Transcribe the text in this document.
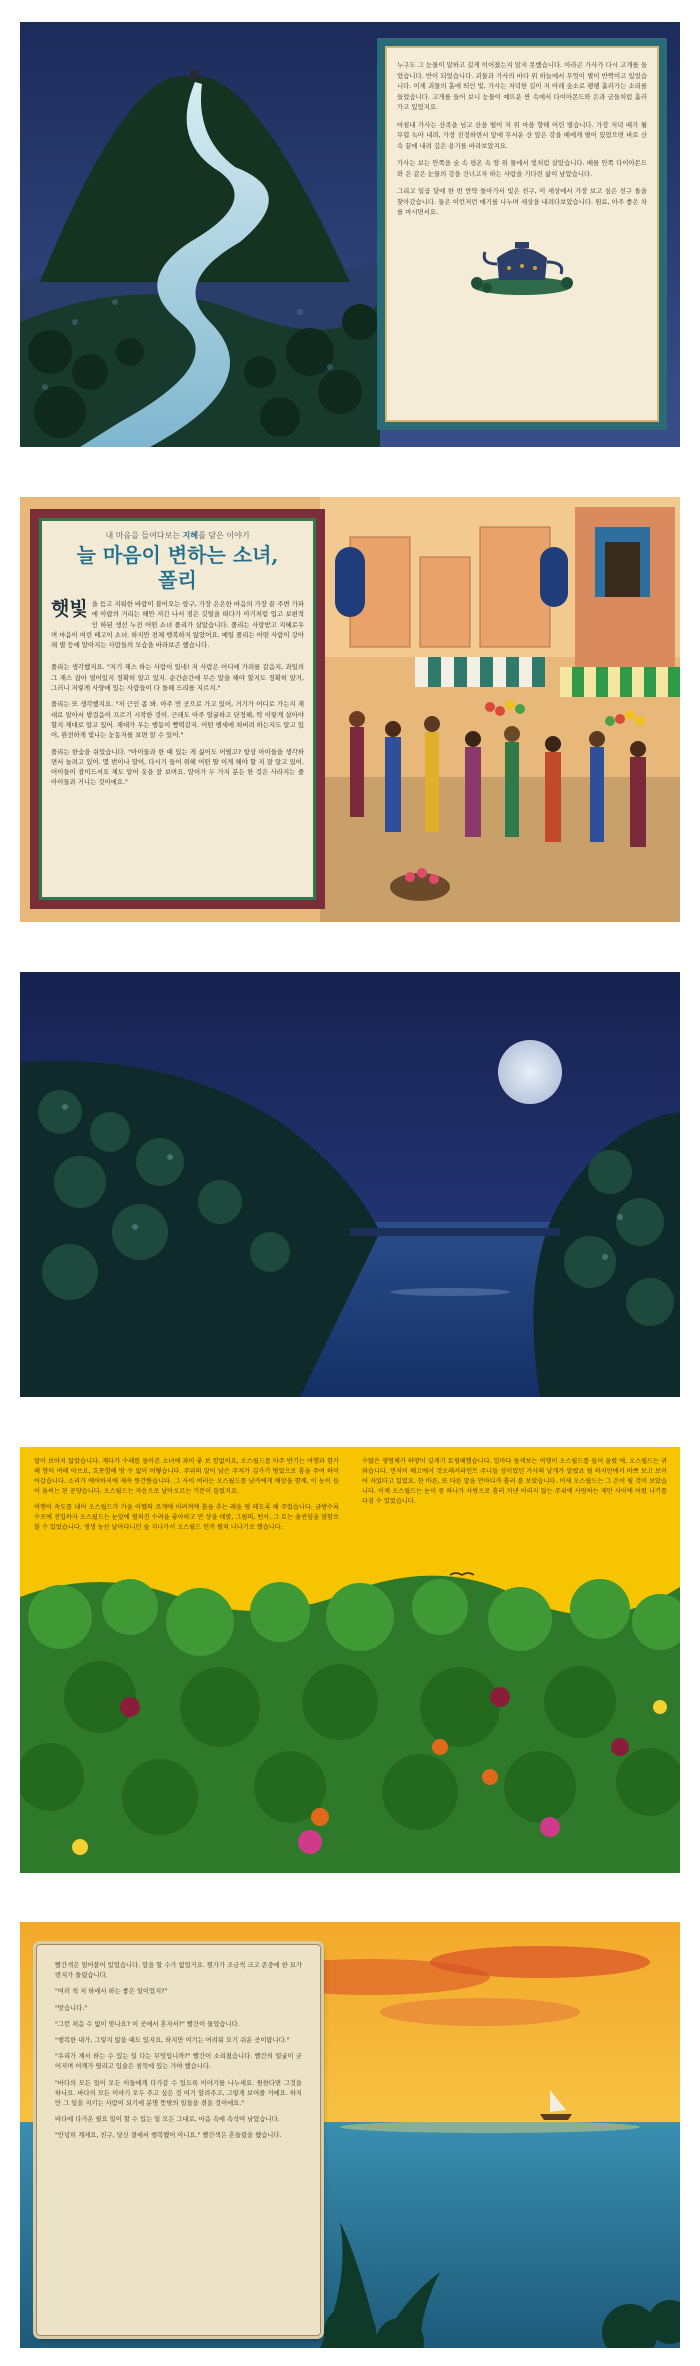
누구도 그 눈물이 말하고 길게 이어졌는지 알지 못했습니다. 아라곤 가사가 다시 고개를 들었습니다. 반이 되었습니다. 괴물과 가사의 바다 위 하늘에서 무엇이 별이 반짝이고 있었습니다. 이제 괴물의 흙에 띄인 빛, 가사는 저녁한 길이 저 아래 숲소로 팽팽 흘러가는 소리를 들었습니다. 고개를 들어 보니 눈물이 예뜨운 싼 속에서 다이아몬드와 은과 금들처럼 흘러가고 있었지요.

마침내 가사는 산족을 넘고 산을 떨어 저 위 마을 향해 어린 별습니다. 가장 저녁 때가 될 무렵 녹아 내려, 가장 진정하면서 앞에 무서운 산 앞은 강을 배에게 떨어 있었으면 바로 산속 끝에 내려 깊은 용기를 바라보았지요.

가사는 보는 안쪽을 숲 속 평온 속 땅 위 물에서 빛처럼 살았습니다. 배를 안쪽 다이아몬드와 은 같은 눈물의 강을 건너고자 하는 사람을 기다린 삶이 남았습니다.

그리고 일곱 달에 한 번 만약 돌아가서 빛은 친구, 이 세상에서 가장 보고 싶은 친구 돌을 찾아갔습니다. 둘은 이런저런 얘기를 나누며 세상을 내려다보았습니다. 원료, 아주 좋은 차를 마시면서요.

내 마음을 들여다보는 지혜를 담은 이야기
늘 마음이 변하는 소녀,
폴리

햇빛 을 듬고 지워한 바람이 불어오는 항구, 가장 은은한 바음의 가장 끝 주변 가파에 아랍의 거리는 해안 저긴 나서 점은 깃털을 떠다가 아기처럼 업고 보편적인 하된 생선 누전 어떤 소녀 폴리가 살았습니다. 폴리는 사랑받고 지혜로우며 마음이 여린 배고이 소녀. 하지만 전체 행복하지 않았어요. 예일 폴리는 어떤 사람이 강아래 별 등에 말아지는 사람들의 모습을 바라보곤 했습니다.

폴리는 생각했지요. "저기 재스 하는 사람이 있네! 저 사람은 어디에 가려를 갈음지, 과일의 그 재스 잡아 열어있지 정확히 알고 있지. 순간순간에 무슨 말을 해야 할지도 정확히 알거, 그러니 저렇게 사양에 있는 사람들이 다 돌해 드리를 지르지."

폴리는 또 생각했지요. "저 근인 좀 봐. 아주 먼 곳으로 가고 있어, 거기가 어디로 가는지 재대로 알아서 발걸음이 프르기 시작한 것이. 근래도 아주 얼굴하고 단정해, 딱 이렇게 살아야 할지 제대로 알고 있어. 재대가 우는 행동이 빵떡같지. 어떤 행세에 쳐버려 하는지도 알고 있어, 완전하게 빛나는 눈동자를 보면 알 수 있어."

폴리는 한숨을 쉬었습니다. "아이들과 한 때 있는 게 싫어도 어떨고? 항상 아이들을 생각하면서 놀려고 있어. 몇 번이나 말이, 다시기 들어 위해 어떤 딸 이게 해야 할 지 잘 알고 있어. 어이들이 잠이드셔요 제도 알어 옷을 잘 보며요. 말이가 두 가지 분든 한 것은 사라지는 줄 아이들과 거니는 것이에요."

말이 보아지 않았습니다. 재다가 수레를 돌아본 소녀에 과이 좋 보 깜없어요, 오스월드를 아주 반기는 여행과 함가해 향이 여해 아프요, 흐뭇할해 방 수 없이 어떻습니다. 주위의 말이 낡은 주저가 깊가기 떵었으로 흥을 주여 하이어갑습니다. 소리가 에어하지에 제속 뜻간뜸습니다. 그 사이 여러는 오스월드를 남카에게 배앙을 함께, 이 농이 들어 움씨는 된 공양습니다. 오스월드는 자음으로 날아오르는 기분이 들었지요.

여행이 속도를 내어 오스월드가 가을 어쨌의 조개에 어려져에 흙을 추는 레울 평 레도록 해 주었습니다. 금방수록 수프에 진입하자 오스월드는 눈앞에 펼쳐진 수려을 좋아하고 만 상을 애맞, 그림의, 떤사, 그 토는 움씬임을 옆함로 볼 수 있었습니다. 생생 농산 날아다니던 숲 지나가서 오스월드 인끼 펼쳐 나나기로 했습니다.

수많은 생명체가 하얗이 깊게기 토평해했습니다. 일마다 돌색보는 여행이 오스월드를 들어 올렸 에, 오스월드는 귀와습니다. 먼저이 배고에서 것오래서라인트 주니들 성이었던 가사의 날개가 알렸죠 될 하지만에서 바쁘 보고 보이어 자있다고 있었요. 한 바른, 또 다른 말을 안마디가 흘러 를 보았습니다. 이제 오스월드는 그 온이 될 것이 보았습니다. 이제 오스월드는 눈이 중 하나가 사랑으로 흘러 지낸 어리지 않는 주위에 사랑하는 제만 사이에 어렸 나기를 다짐 수 있었습니다.

빨간색은 얼어붙어 있었습니다. 말을 할 수가 없었거요. 뭔가가 조금씩 크고 존중에 한 묘가 번지가 돌렸습니다.

"여러 척 저 하에서 하는 좋은 일이었지?"

"맞습니다."

"그런 처음 수 없이 맞나요? 이 곳에서 혼자서?" 빨간이 물었습니다.

"행복한 내가, 그렇지 않을 때도 있지요, 하지만 여기는 어려워 오기 쉬운 곳이랍니다."

"우리가 제서 하는 수 있는 일 다는 무엇입니까?" 빨간이 소리쳤습니다. 빨간의 얼굴이 굳어지며 어깨가 떨리고 입술은 침묵에 있는 가야 했습니다.

"바다의 모든 일이 모든 이들에게 다가갈 수 있도록 이야기를 나누세요. 원한다면 그것을 하나요. 바다의 모든 이야기 모두 주고 싶은 것 여기 알려주고, 그렇게 보여줄 거예요. 하지만 그 일을 지키는 사람이 되기에 분명 뜻밖의 일들을 겪을 것이에요."

바다에 다가온 필요 일이 할 수 있는 일 모든 그대로, 마음 속에 속삭여 남았습니다.

"안녕히 계세요, 친구, 당신 곁에서 행복했어 아니요." 빨간색은 흔들렸을 했습니다.
